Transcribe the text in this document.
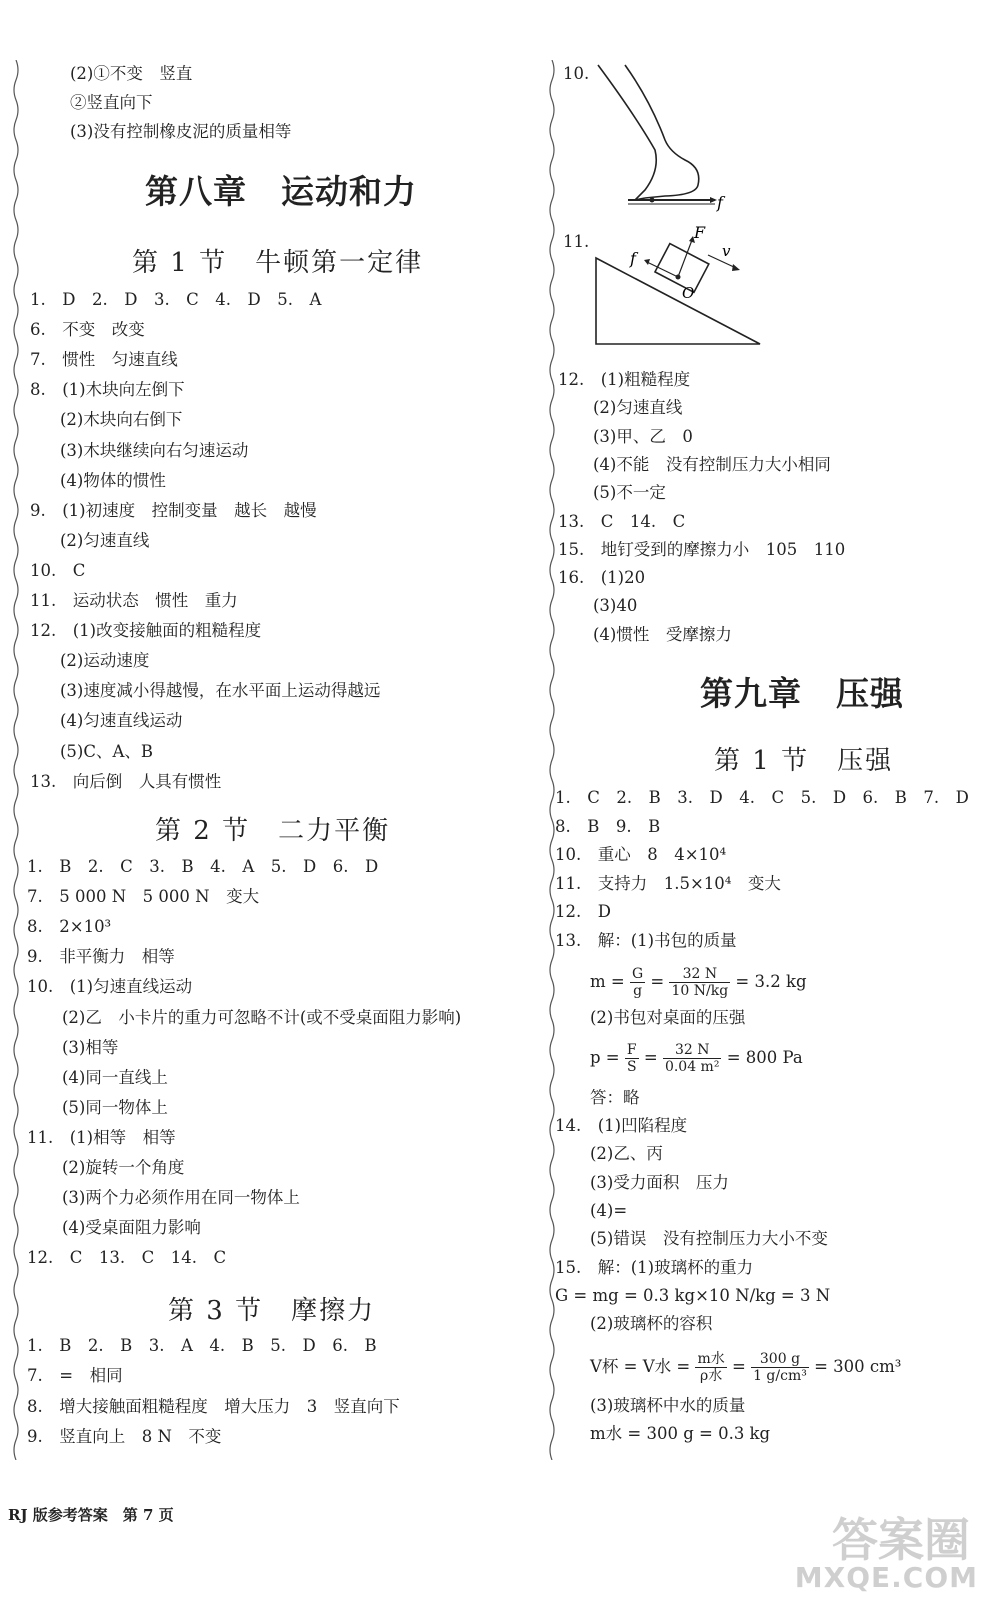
(2)①不变　竖直
②竖直向下
(3)没有控制橡皮泥的质量相等
第八章　运动和力
第 1 节　牛顿第一定律
1.　D　2.　D　3.　C　4.　D　5.　A
6.　不变　改变
7.　惯性　匀速直线
8.　(1)木块向左倒下
(2)木块向右倒下
(3)木块继续向右匀速运动
(4)物体的惯性
9.　(1)初速度　控制变量　越长　越慢
(2)匀速直线
10.　C
11.　运动状态　惯性　重力
12.　(1)改变接触面的粗糙程度
(2)运动速度
(3)速度减小得越慢，在水平面上运动得越远
(4)匀速直线运动
(5)C、A、B
13.　向后倒　人具有惯性
第 2 节　二力平衡
1.　B　2.　C　3.　B　4.　A　5.　D　6.　D
7.　5 000 N　5 000 N　变大
8.　2×10³
9.　非平衡力　相等
10.　(1)匀速直线运动
(2)乙　小卡片的重力可忽略不计(或不受桌面阻力影响)
(3)相等
(4)同一直线上
(5)同一物体上
11.　(1)相等　相等
(2)旋转一个角度
(3)两个力必须作用在同一物体上
(4)受桌面阻力影响
12.　C　13.　C　14.　C
第 3 节　摩擦力
1.　B　2.　B　3.　A　4.　B　5.　D　6.　B
7.　=　相同
8.　增大接触面粗糙程度　增大压力　3　竖直向下
9.　竖直向上　8 N　不变
10.
f
11.	F
f	v
O
12.　(1)粗糙程度
(2)匀速直线
(3)甲、乙　0
(4)不能　没有控制压力大小相同
(5)不一定
13.　C　14.　C
15.　地钉受到的摩擦力小　105　110
16.　(1)20
(3)40
(4)惯性　受摩擦力
第九章　压强
第 1 节　压强
1.　C　2.　B　3.　D　4.　C　5.　D　6.　B　7.　D
8.　B　9.　B
10.　重心　8　4×10⁴
11.　支持力　1.5×10⁴　变大
12.　D
13.　解：(1)书包的质量
$m = \frac{G}{g} = \frac{32 N}{10 N/kg} = 3.2$ kg
(2)书包对桌面的压强
$p = \frac{F}{S} = \frac{32 N}{\text{0.04 m²}} = 800$ Pa
答：略
14.　(1)凹陷程度
(2)乙、丙
(3)受力面积　压力
(4)=
(5)错误　没有控制压力大小不变
15.　解：(1)玻璃杯的重力
G = mg = 0.3 kg×10 N/kg = 3 N
(2)玻璃杯的容积
V杯 = V水 = $\frac{\text{m水}}{\text{ρ水}} = \frac{300 g}{\text{1 g/cm³}} = 300$ cm³
(3)玻璃杯中水的质量
m水 = 300 g = 0.3 kg
RJ 版参考答案　第 7 页	答案圈
MXQE.COM
